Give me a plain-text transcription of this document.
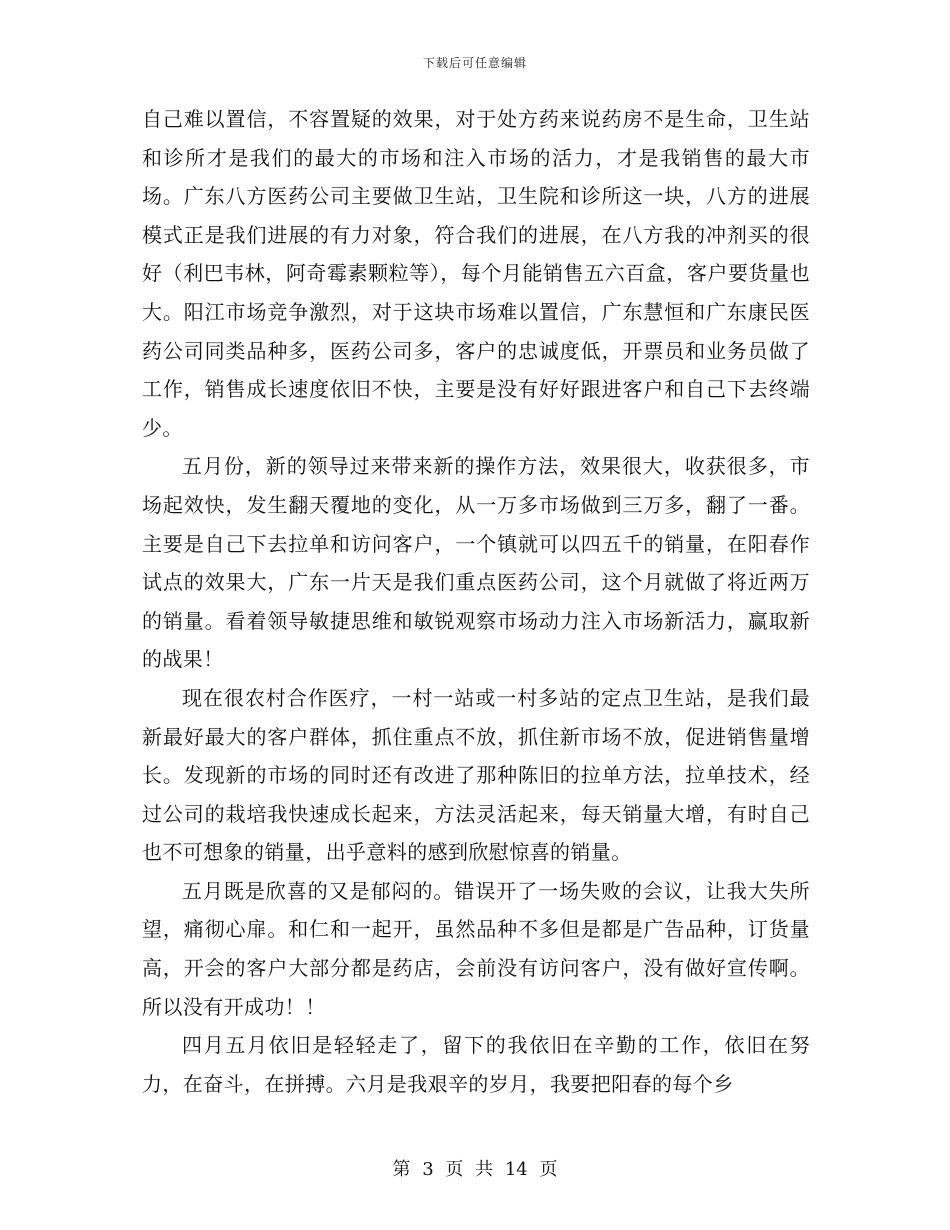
下载后可任意编辑

自己难以置信，不容置疑的效果，对于处方药来说药房不是生命，卫生站和诊所才是我们的最大的市场和注入市场的活力，才是我销售的最大市场。广东八方医药公司主要做卫生站，卫生院和诊所这一块，八方的进展模式正是我们进展的有力对象，符合我们的进展，在八方我的冲剂买的很好（利巴韦林，阿奇霉素颗粒等），每个月能销售五六百盒，客户要货量也大。阳江市场竞争激烈，对于这块市场难以置信，广东慧恒和广东康民医药公司同类品种多，医药公司多，客户的忠诚度低，开票员和业务员做了工作，销售成长速度依旧不快，主要是没有好好跟进客户和自己下去终端少。

五月份，新的领导过来带来新的操作方法，效果很大，收获很多，市场起效快，发生翻天覆地的变化，从一万多市场做到三万多，翻了一番。主要是自己下去拉单和访问客户，一个镇就可以四五千的销量，在阳春作试点的效果大，广东一片天是我们重点医药公司，这个月就做了将近两万的销量。看着领导敏捷思维和敏锐观察市场动力注入市场新活力，赢取新的战果！

现在很农村合作医疗，一村一站或一村多站的定点卫生站，是我们最新最好最大的客户群体，抓住重点不放，抓住新市场不放，促进销售量增长。发现新的市场的同时还有改进了那种陈旧的拉单方法，拉单技术，经过公司的栽培我快速成长起来，方法灵活起来，每天销量大增，有时自己也不可想象的销量，出乎意料的感到欣慰惊喜的销量。

五月既是欣喜的又是郁闷的。错误开了一场失败的会议，让我大失所望，痛彻心扉。和仁和一起开，虽然品种不多但是都是广告品种，订货量高，开会的客户大部分都是药店，会前没有访问客户，没有做好宣传啊。所以没有开成功！！

四月五月依旧是轻轻走了，留下的我依旧在辛勤的工作，依旧在努力，在奋斗，在拼搏。六月是我艰辛的岁月，我要把阳春的每个乡

第 3 页 共 14 页
